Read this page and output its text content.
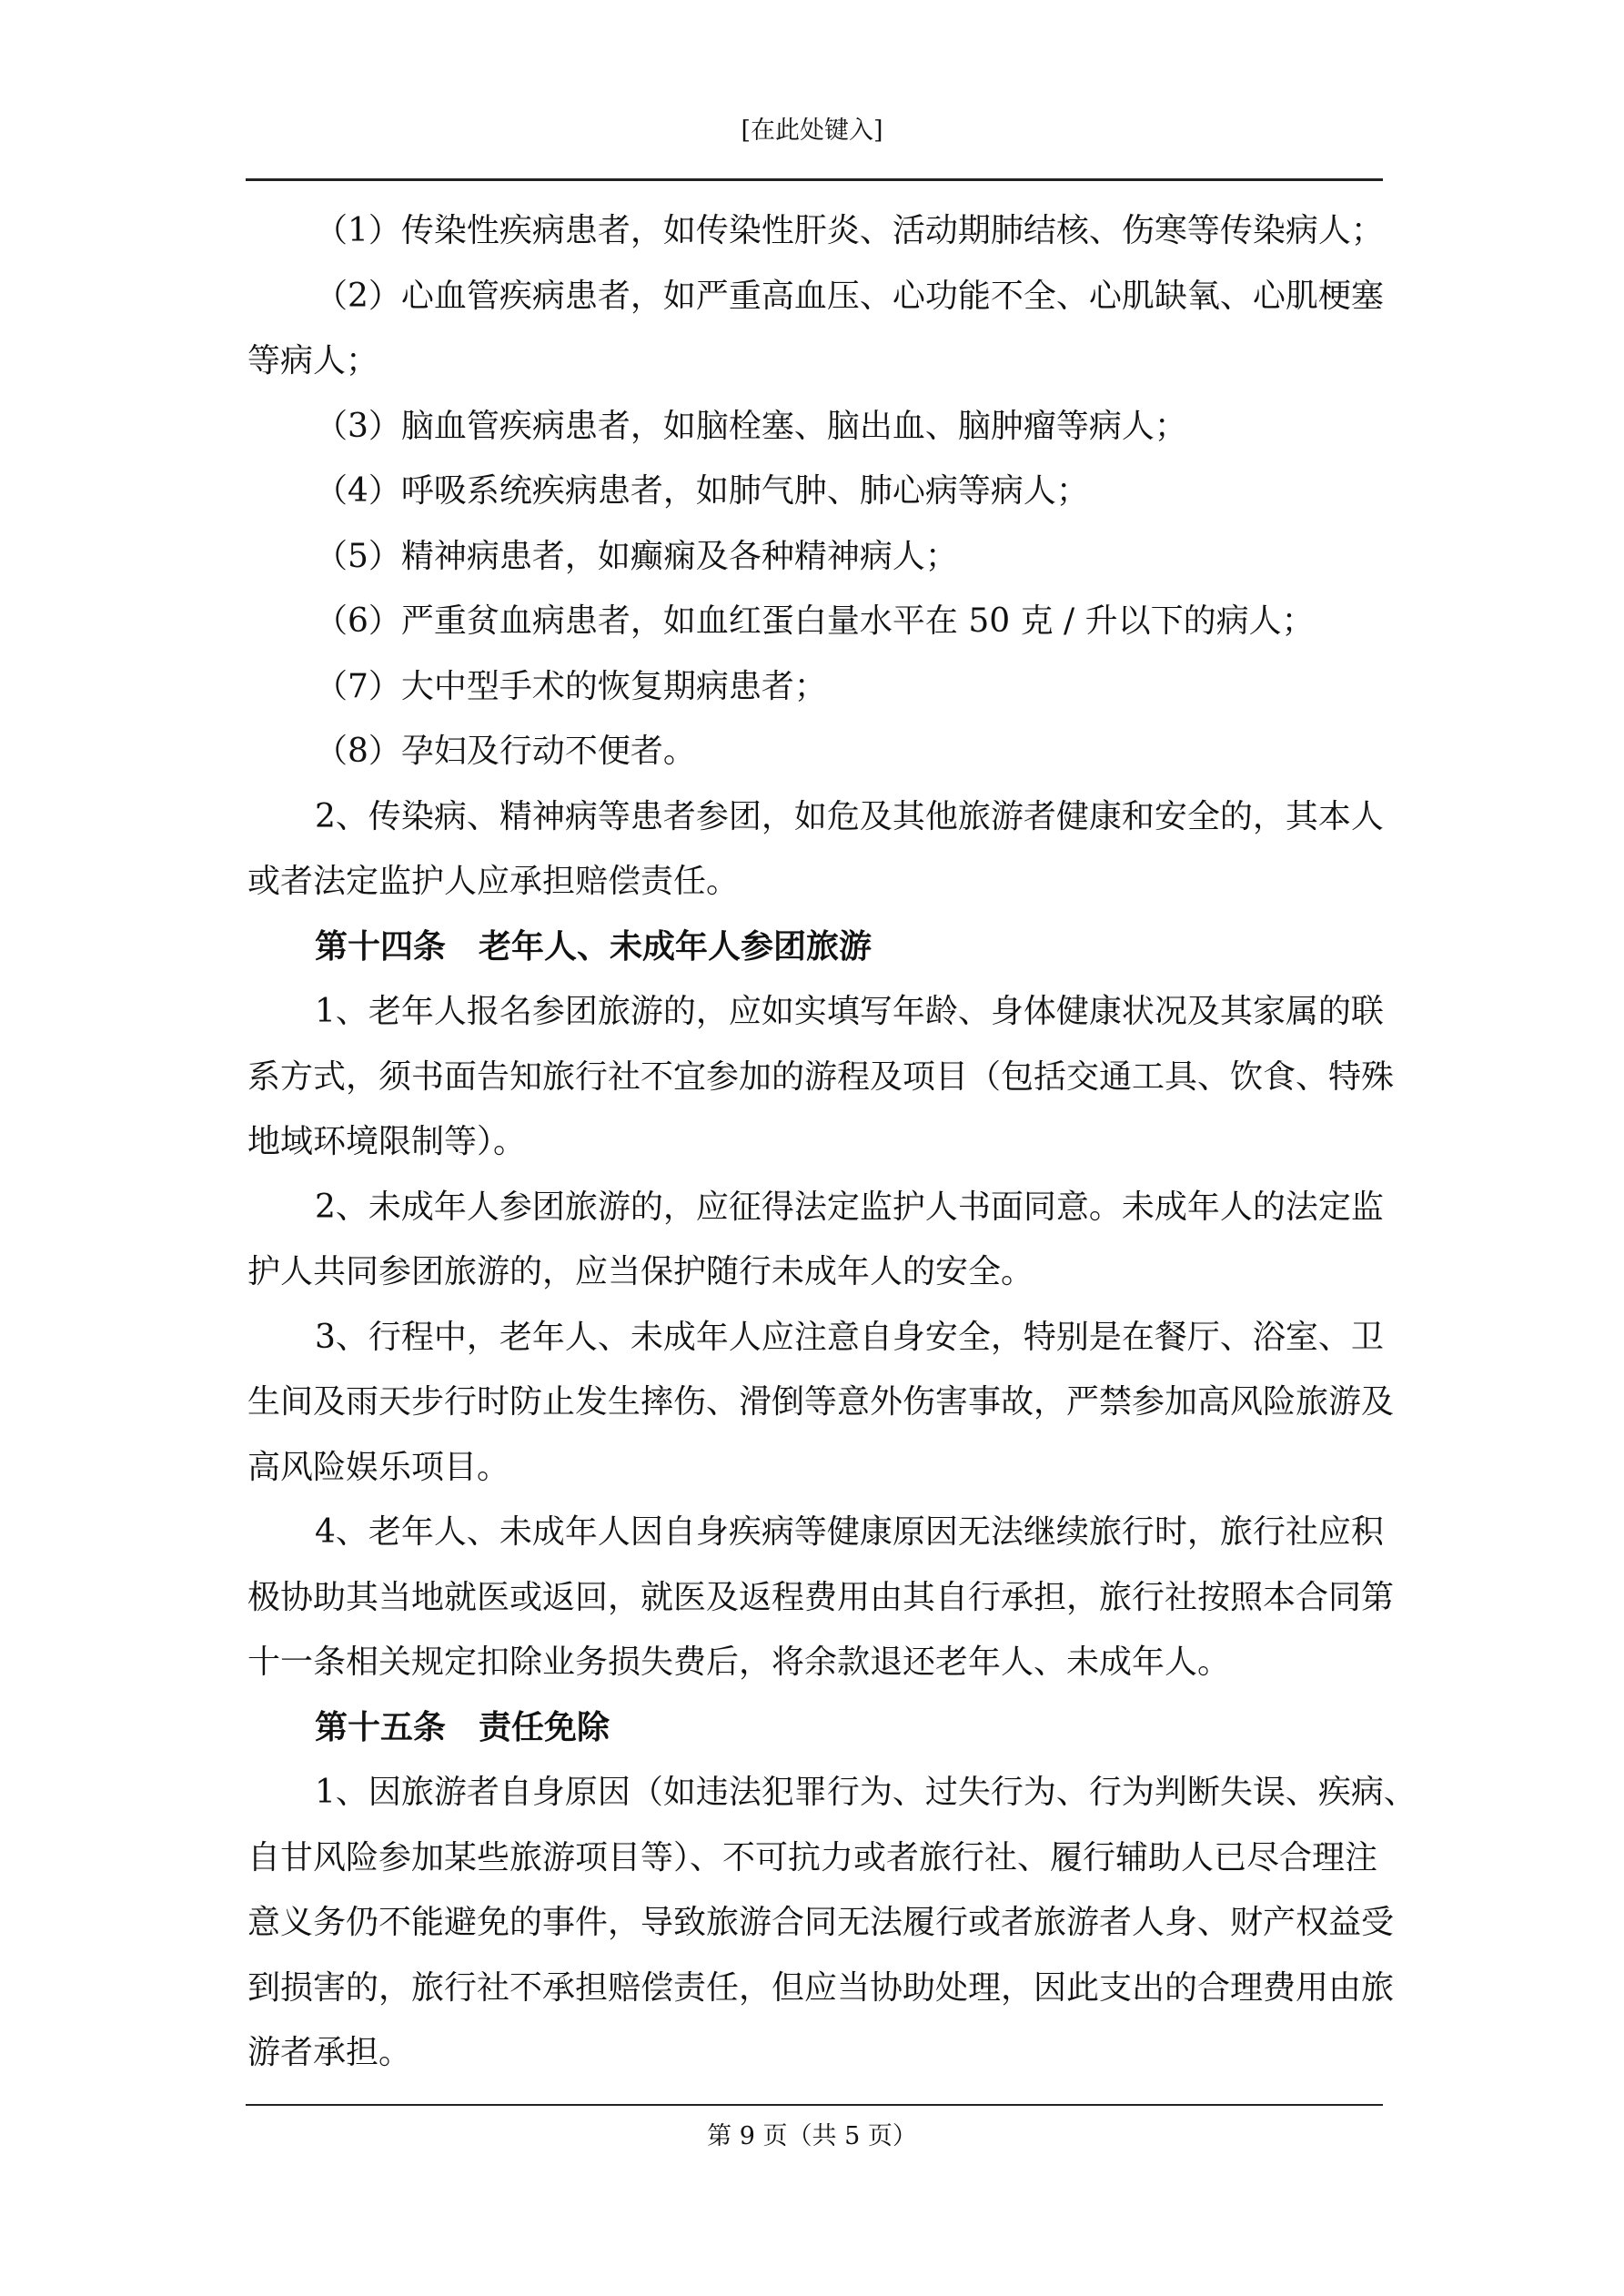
[在此处键入]

（1）传染性疾病患者，如传染性肝炎、活动期肺结核、伤寒等传染病人；

（2）心血管疾病患者，如严重高血压、心功能不全、心肌缺氧、心肌梗塞

等病人；

（3）脑血管疾病患者，如脑栓塞、脑出血、脑肿瘤等病人；

（4）呼吸系统疾病患者，如肺气肿、肺心病等病人；

（5）精神病患者，如癫痫及各种精神病人；

（6）严重贫血病患者，如血红蛋白量水平在 50 克 / 升以下的病人；

（7）大中型手术的恢复期病患者；

（8）孕妇及行动不便者。

2、传染病、精神病等患者参团，如危及其他旅游者健康和安全的，其本人

或者法定监护人应承担赔偿责任。

第十四条 老年人、未成年人参团旅游

1、老年人报名参团旅游的，应如实填写年龄、身体健康状况及其家属的联

系方式，须书面告知旅行社不宜参加的游程及项目（包括交通工具、饮食、特殊

地域环境限制等）。

2、未成年人参团旅游的，应征得法定监护人书面同意。未成年人的法定监

护人共同参团旅游的，应当保护随行未成年人的安全。

3、行程中，老年人、未成年人应注意自身安全，特别是在餐厅、浴室、卫

生间及雨天步行时防止发生摔伤、滑倒等意外伤害事故，严禁参加高风险旅游及

高风险娱乐项目。

4、老年人、未成年人因自身疾病等健康原因无法继续旅行时，旅行社应积

极协助其当地就医或返回，就医及返程费用由其自行承担，旅行社按照本合同第

十一条相关规定扣除业务损失费后，将余款退还老年人、未成年人。

第十五条 责任免除

1、因旅游者自身原因（如违法犯罪行为、过失行为、行为判断失误、疾病、

自甘风险参加某些旅游项目等）、不可抗力或者旅行社、履行辅助人已尽合理注

意义务仍不能避免的事件，导致旅游合同无法履行或者旅游者人身、财产权益受

到损害的，旅行社不承担赔偿责任，但应当协助处理，因此支出的合理费用由旅

游者承担。

第 9 页（共 5 页）
